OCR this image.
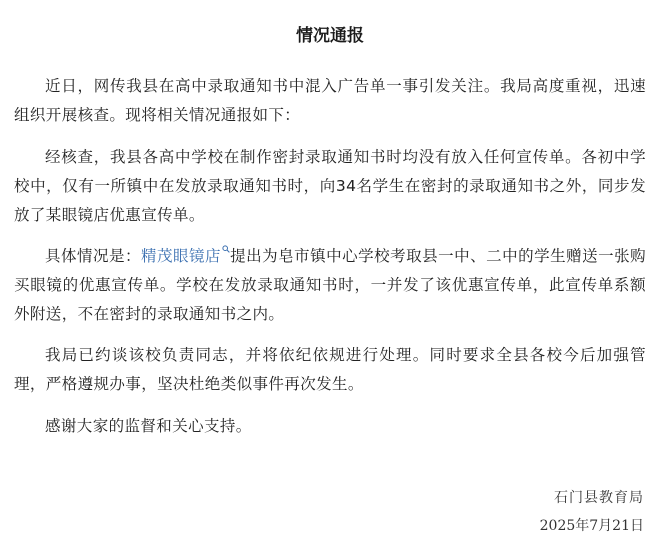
情况通报

近日，网传我县在高中录取通知书中混入广告单一事引发关注。我局高度重视，迅速组织开展核查。现将相关情况通报如下：

经核查，我县各高中学校在制作密封录取通知书时均没有放入任何宣传单。各初中学校中，仅有一所镇中在发放录取通知书时，向34名学生在密封的录取通知书之外，同步发放了某眼镜店优惠宣传单。

具体情况是：精茂眼镜店 提出为皂市镇中心学校考取县一中、二中的学生赠送一张购买眼镜的优惠宣传单。学校在发放录取通知书时，一并发了该优惠宣传单，此宣传单系额外附送，不在密封的录取通知书之内。

我局已约谈该校负责同志，并将依纪依规进行处理。同时要求全县各校今后加强管理，严格遵规办事，坚决杜绝类似事件再次发生。

感谢大家的监督和关心支持。

石门县教育局
2025年7月21日
